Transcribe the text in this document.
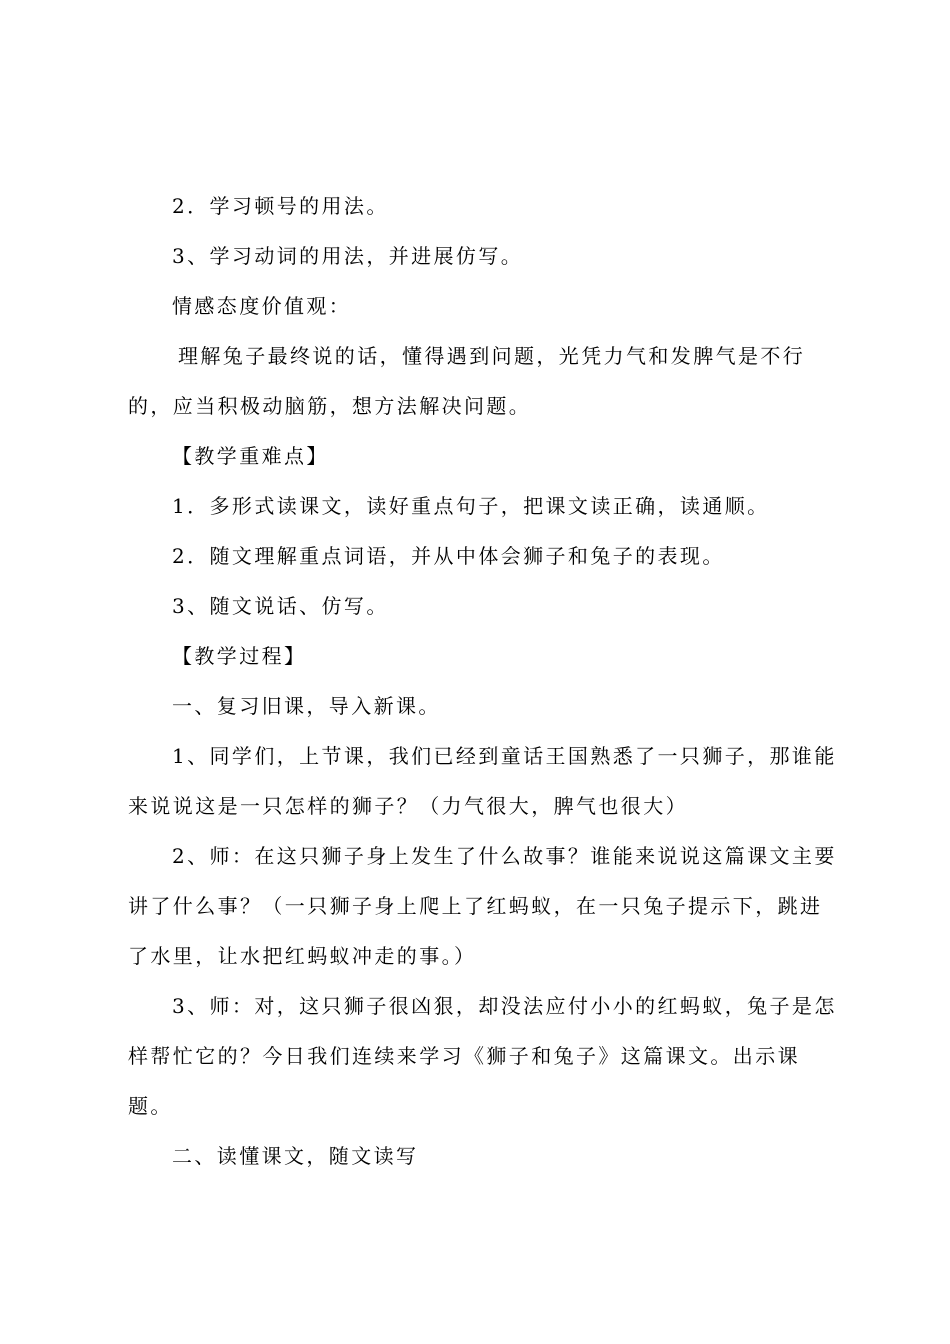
2．学习顿号的用法。
3、学习动词的用法，并进展仿写。
情感态度价值观：
理解兔子最终说的话，懂得遇到问题，光凭力气和发脾气是不行
的，应当积极动脑筋，想方法解决问题。
【教学重难点】
1．多形式读课文，读好重点句子，把课文读正确，读通顺。
2．随文理解重点词语，并从中体会狮子和兔子的表现。
3、随文说话、仿写。
【教学过程】
一、复习旧课，导入新课。
1、同学们，上节课，我们已经到童话王国熟悉了一只狮子，那谁能
来说说这是一只怎样的狮子？（力气很大，脾气也很大）
2、师：在这只狮子身上发生了什么故事？谁能来说说这篇课文主要
讲了什么事？（一只狮子身上爬上了红蚂蚁，在一只兔子提示下，跳进
了水里，让水把红蚂蚁冲走的事。）
3、师：对，这只狮子很凶狠，却没法应付小小的红蚂蚁，兔子是怎
样帮忙它的？今日我们连续来学习《狮子和兔子》这篇课文。出示课
题。
二、读懂课文，随文读写
